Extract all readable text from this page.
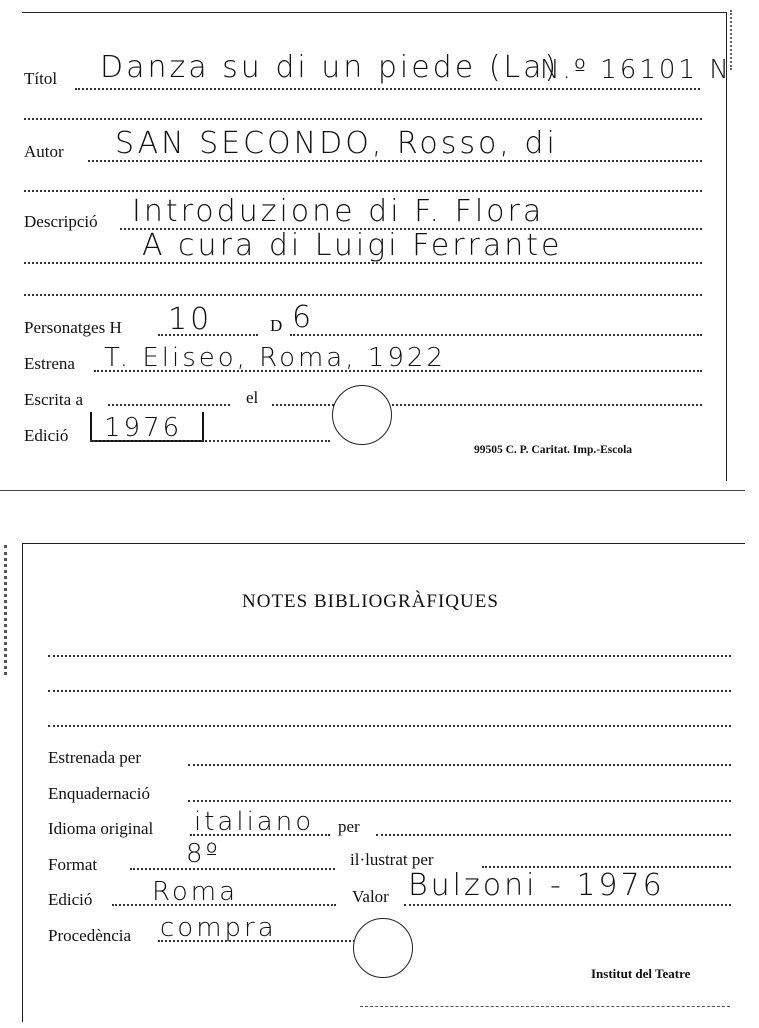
Títol Danza su di un piede (La)
N.º 16101 N
Autor SAN SECONDO, Rosso, di
Descripció Introduzione di F. Flora
A cura di Luigi Ferrante
Personatges H 10	D 6
Estrena T. Eliseo, Roma, 1922
Escrita a	el
Edició 1976
99505 C. P. Caritat. Imp.-Escola
NOTES BIBLIOGRÀFIQUES
Estrenada per
Enquadernació
Idioma original italiano per
Format	8º	il·lustrat per
Edició Roma	Valor Bulzoni - 1976
Procedència compra
Institut del Teatre
